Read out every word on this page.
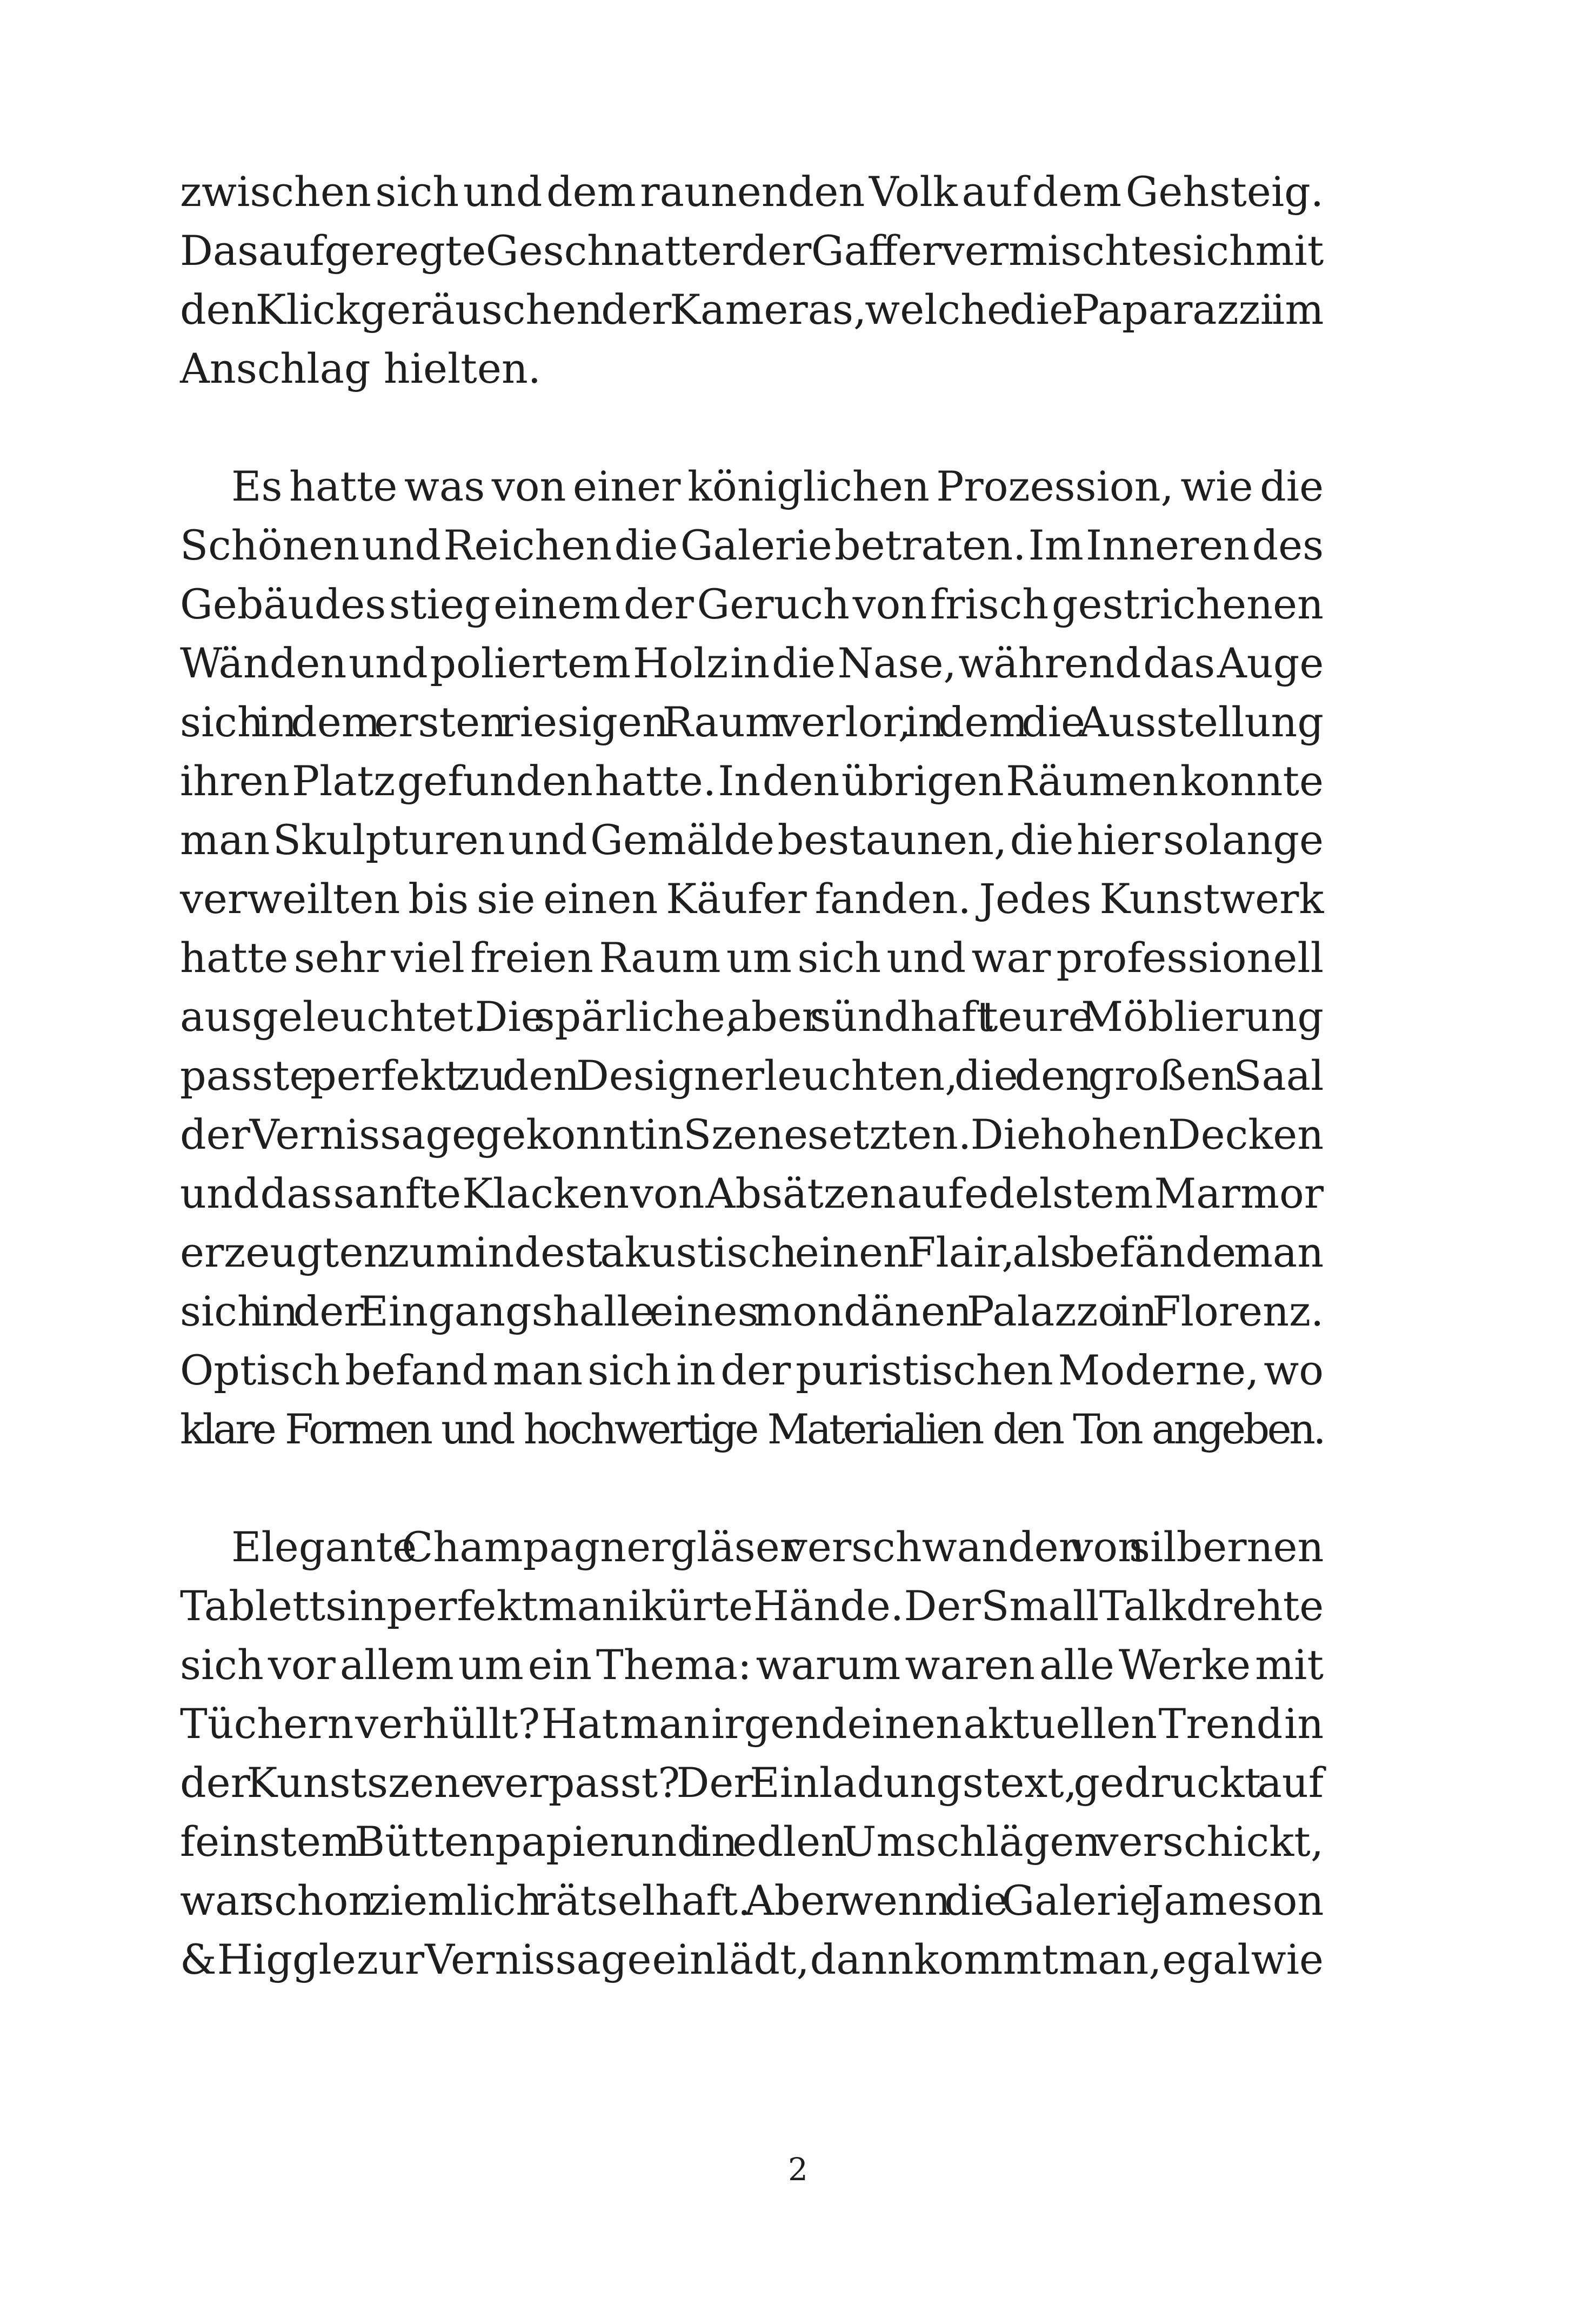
zwischen sich und dem raunenden Volk auf dem Gehsteig.
Das aufgeregte Geschnatter der Gaffer vermischte sich mit
den Klickgeräuschen der Kameras, welche die Paparazzi im
Anschlag hielten.
Es hatte was von einer königlichen Prozession, wie die
Schönen und Reichen die Galerie betraten. Im Inneren des
Gebäudes stieg einem der Geruch von frisch gestrichenen
Wänden und poliertem Holz in die Nase, während das Auge
sich in dem ersten riesigen Raum verlor, in dem die Ausstellung
ihren Platz gefunden hatte. In den übrigen Räumen konnte
man Skulpturen und Gemälde bestaunen, die hier solange
verweilten bis sie einen Käufer fanden. Jedes Kunstwerk
hatte sehr viel freien Raum um sich und war professionell
ausgeleuchtet. Die spärliche, aber sündhaft teure Möblierung
passte perfekt zu den Designerleuchten, die den großen Saal
der Vernissage gekonnt in Szene setzten. Die hohen Decken
und das sanfte Klacken von Absätzen auf edelstem Marmor
erzeugten zumindest akustisch einen Flair, als befände man
sich in der Eingangshalle eines mondänen Palazzo in Florenz.
Optisch befand man sich in der puristischen Moderne, wo
klare Formen und hochwertige Materialien den Ton angeben.
Elegante Champagnergläser verschwanden von silbernen
Tabletts in perfekt manikürte Hände. Der Small Talk drehte
sich vor allem um ein Thema: warum waren alle Werke mit
Tüchern verhüllt? Hat man irgendeinen aktuellen Trend in
der Kunstszene verpasst? Der Einladungstext, gedruckt auf
feinstem Büttenpapier und in edlen Umschlägen verschickt,
war schon ziemlich rätselhaft. Aber wenn die Galerie Jameson
& Higgle zur Vernissage einlädt, dann kommt man, egal wie
2
